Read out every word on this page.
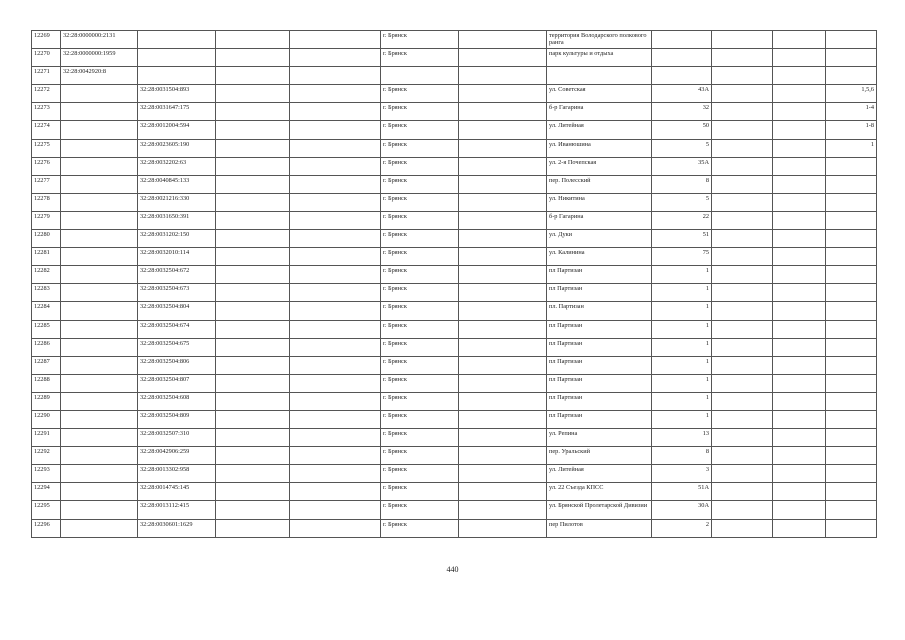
12269	32:28:0000000:2131				г. Брянск		территория Володарского полкового ранга				
12270	32:28:0000000:1959				г. Брянск		парк культуры и отдыха				
12271	32:28:0042920:8										
12272		32:28:0031504:893			г. Брянск		ул. Советская	43А			1,5,6
12273		32:28:0031647:175			г. Брянск		б-р Гагарина	32			1-4
12274		32:28:0012004:594			г. Брянск		ул. Литейная	50			1-8
12275		32:28:0023605:190			г. Брянск		ул. Иванюшина	5			1
12276		32:28:0032202:63			г. Брянск		ул. 2-я Почепская	35А			
12277		32:28:0040845:133			г. Брянск		пер. Полесский	8			
12278		32:28:0021216:330			г. Брянск		ул. Никитина	5			
12279		32:28:0031650:391			г. Брянск		б-р Гагарина	22			
12280		32:28:0031202:150			г. Брянск		ул. Дуки	51			
12281		32:28:0032010:114			г. Брянск		ул. Калинина	75			
12282		32:28:0032504:672			г. Брянск		пл Партизан	1			
12283		32:28:0032504:673			г. Брянск		пл Партизан	1			
12284		32:28:0032504:804			г. Брянск		пл. Партизан	1			
12285		32:28:0032504:674			г. Брянск		пл Партизан	1			
12286		32:28:0032504:675			г. Брянск		пл Партизан	1			
12287		32:28:0032504:806			г. Брянск		пл Партизан	1			
12288		32:28:0032504:807			г. Брянск		пл Партизан	1			
12289		32:28:0032504:608			г. Брянск		пл Партизан	1			
12290		32:28:0032504:809			г. Брянск		пл Партизан	1			
12291		32:28:0032507:310			г. Брянск		ул. Репина	13			
12292		32:28:0042906:259			г. Брянск		пер. Уральский	8			
12293		32:28:0013302:958			г. Брянск		ул. Литейная	3			
12294		32:28:0014745:145			г. Брянск		ул. 22 Съезда КПСС	51А			
12295		32:28:0013112:415			г. Брянск		ул. Брянской Пролетарской Дивизии	30А			
12296		32:28:0030601:1629			г. Брянск		пер Пилотов	2			
440
